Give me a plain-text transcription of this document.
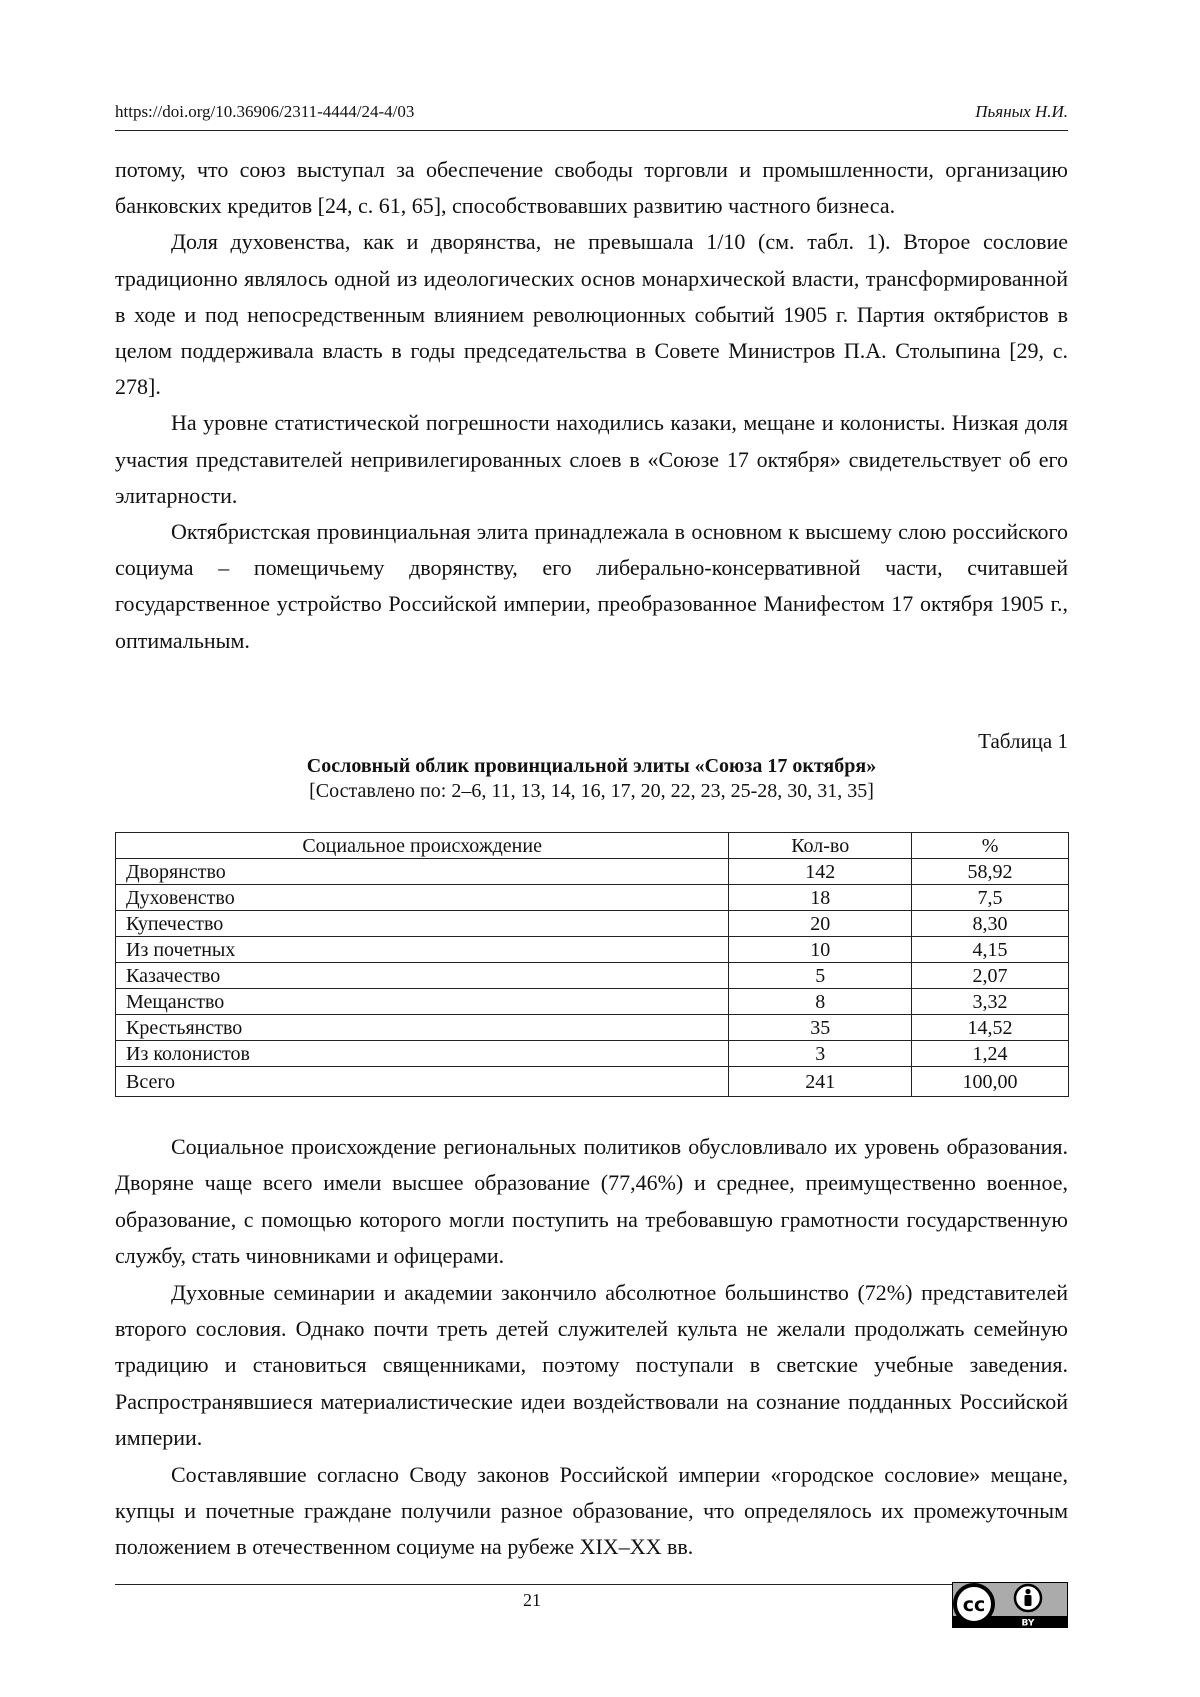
https://doi.org/10.36906/2311-4444/24-4/03	Пьяных Н.И.

потому, что союз выступал за обеспечение свободы торговли и промышленности, организацию банковских кредитов [24, с. 61, 65], способствовавших развитию частного бизнеса.

Доля духовенства, как и дворянства, не превышала 1/10 (см. табл. 1). Второе сословие традиционно являлось одной из идеологических основ монархической власти, трансформированной в ходе и под непосредственным влиянием революционных событий 1905 г. Партия октябристов в целом поддерживала власть в годы председательства в Совете Министров П.А. Столыпина [29, с. 278].

На уровне статистической погрешности находились казаки, мещане и колонисты. Низкая доля участия представителей непривилегированных слоев в «Союзе 17 октября» свидетельствует об его элитарности.

Октябристская провинциальная элита принадлежала в основном к высшему слою российского социума – помещичьему дворянству, его либерально-консервативной части, считавшей государственное устройство Российской империи, преобразованное Манифестом 17 октября 1905 г., оптимальным.

Таблица 1
Сословный облик провинциальной элиты «Союза 17 октября»
[Составлено по: 2–6, 11, 13, 14, 16, 17, 20, 22, 23, 25-28, 30, 31, 35]
Социальное происхождение	Кол-во	%
Дворянство	142	58,92
Духовенство	18	7,5
Купечество	20	8,30
Из почетных	10	4,15
Казачество	5	2,07
Мещанство	8	3,32
Крестьянство	35	14,52
Из колонистов	3	1,24
Всего	241	100,00

Социальное происхождение региональных политиков обусловливало их уровень образования. Дворяне чаще всего имели высшее образование (77,46%) и среднее, преимущественно военное, образование, с помощью которого могли поступить на требовавшую грамотности государственную службу, стать чиновниками и офицерами.

Духовные семинарии и академии закончило абсолютное большинство (72%) представителей второго сословия. Однако почти треть детей служителей культа не желали продолжать семейную традицию и становиться священниками, поэтому поступали в светские учебные заведения. Распространявшиеся материалистические идеи воздействовали на сознание подданных Российской империи.

Составлявшие согласно Своду законов Российской империи «городское сословие» мещане, купцы и почетные граждане получили разное образование, что определялось их промежуточным положением в отечественном социуме на рубеже XIX–XX вв.

21	cc
BY
